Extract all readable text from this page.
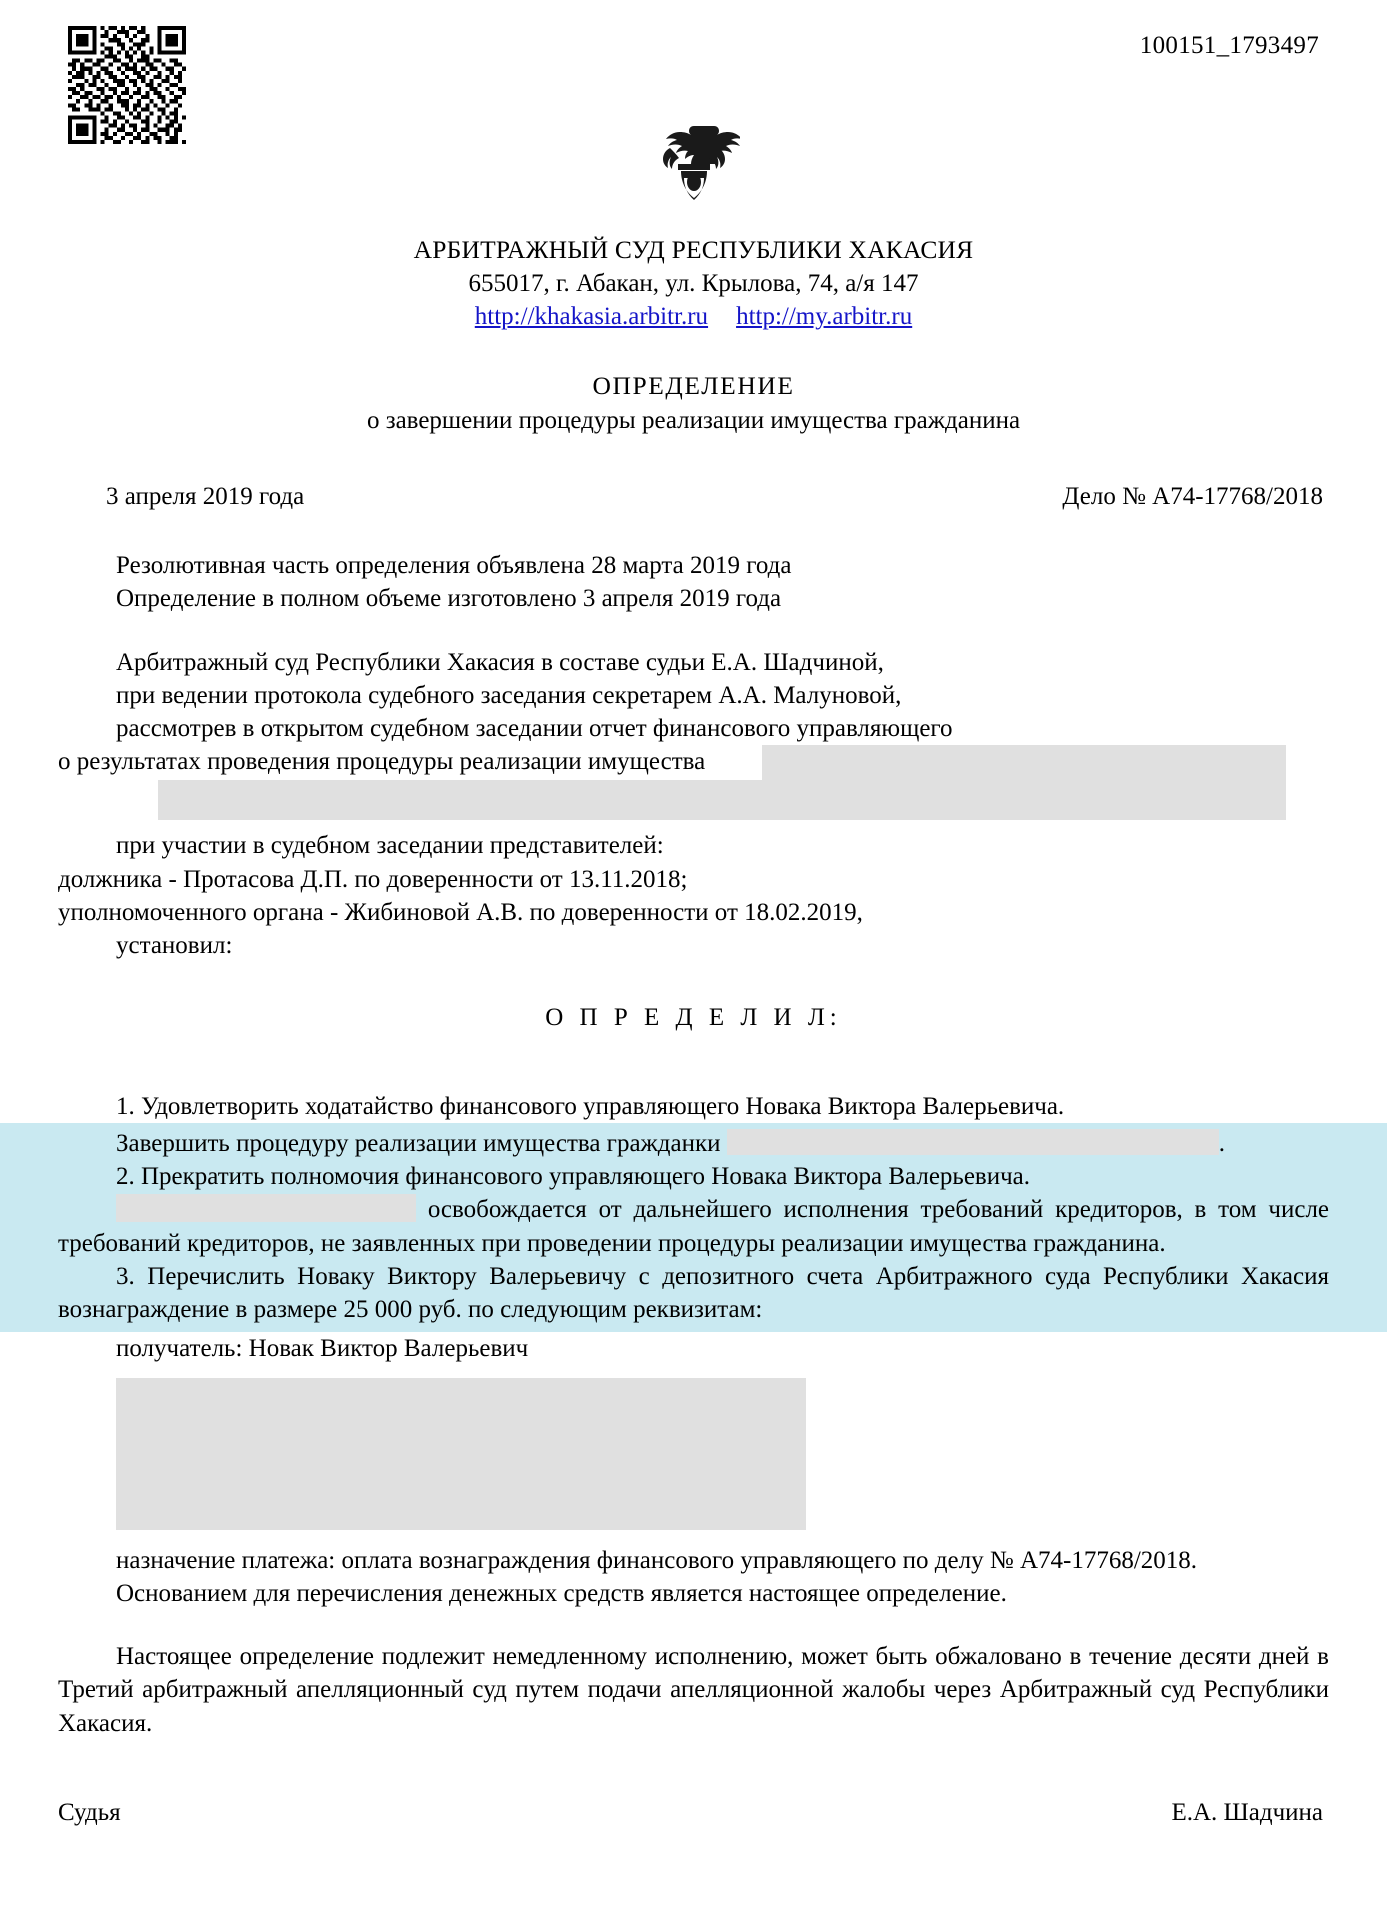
100151_1793497
АРБИТРАЖНЫЙ СУД РЕСПУБЛИКИ ХАКАСИЯ
655017, г. Абакан, ул. Крылова, 74, а/я 147
http://khakasia.arbitr.ru http://my.arbitr.ru
ОПРЕДЕЛЕНИЕ
о завершении процедуры реализации имущества гражданина
3 апреля 2019 года	Дело № А74-17768/2018

Резолютивная часть определения объявлена 28 марта 2019 года

Определение в полном объеме изготовлено 3 апреля 2019 года

Арбитражный суд Республики Хакасия в составе судьи Е.А. Шадчиной,

при ведении протокола судебного заседания секретарем А.А. Малуновой,

рассмотрев в открытом судебном заседании отчет финансового управляющего

о результатах проведения процедуры реализации имущества

при участии в судебном заседании представителей:

должника - Протасова Д.П. по доверенности от 13.11.2018;

уполномоченного органа - Жибиновой А.В. по доверенности от 18.02.2019,

установил:

О П Р Е Д Е Л И Л:

1. Удовлетворить ходатайство финансового управляющего Новака Виктора Валерьевича.

Завершить процедуру реализации имущества гражданки	.

2. Прекратить полномочия финансового управляющего Новака Виктора Валерьевича.

освобождается от дальнейшего исполнения требований кредиторов, в том числе требований кредиторов, не заявленных при проведении процедуры реализации имущества гражданина.

3. Перечислить Новаку Виктору Валерьевичу с депозитного счета Арбитражного суда Республики Хакасия вознаграждение в размере 25 000 руб. по следующим реквизитам:

получатель: Новак Виктор Валерьевич

назначение платежа: оплата вознаграждения финансового управляющего по делу № А74-17768/2018.

Основанием для перечисления денежных средств является настоящее определение.

Настоящее определение подлежит немедленному исполнению, может быть обжаловано в течение десяти дней в Третий арбитражный апелляционный суд путем подачи апелляционной жалобы через Арбитражный суд Республики Хакасия.

Судья	Е.А. Шадчина
